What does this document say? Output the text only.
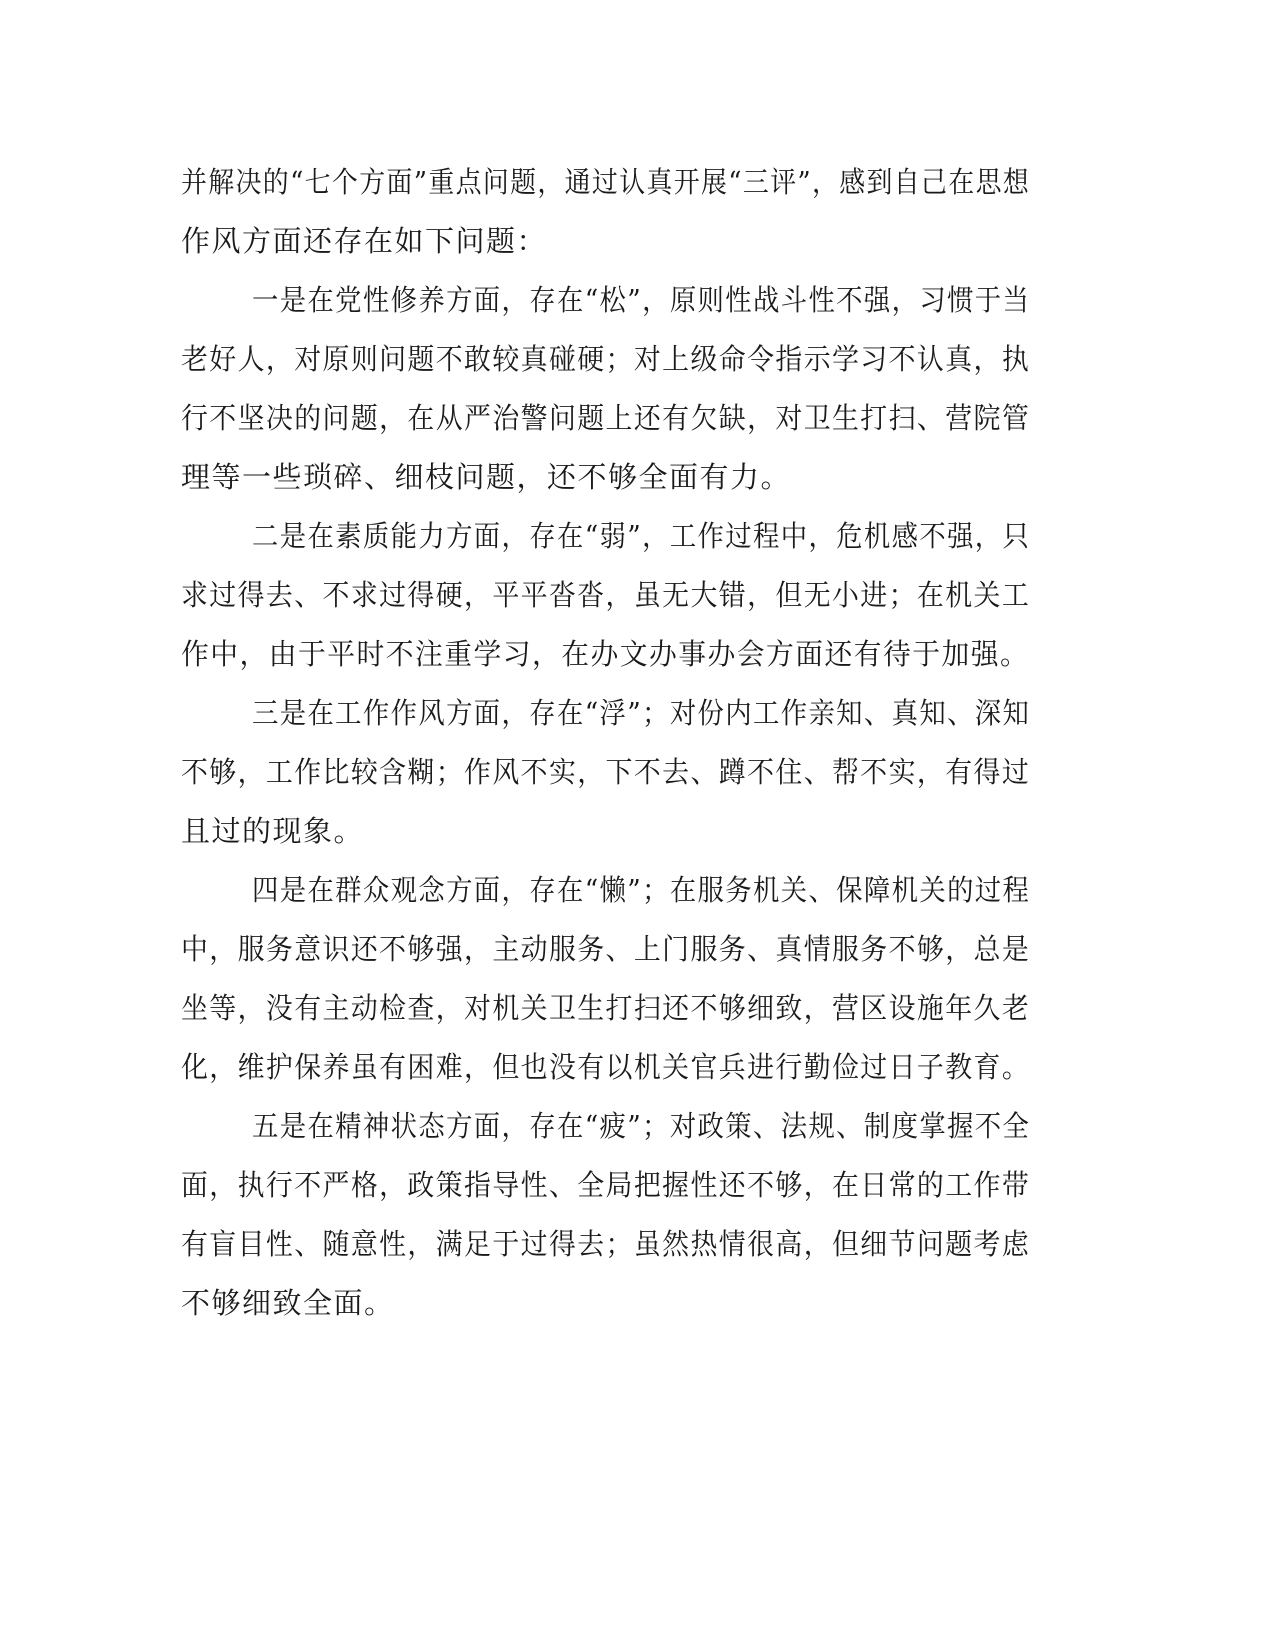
并解决的“七个方面”重点问题，通过认真开展“三评”，感到自己在思想
作风方面还存在如下问题：
一是在党性修养方面，存在“松”，原则性战斗性不强，习惯于当
老好人，对原则问题不敢较真碰硬；对上级命令指示学习不认真，执
行不坚决的问题，在从严治警问题上还有欠缺，对卫生打扫、营院管
理等一些琐碎、细枝问题，还不够全面有力。
二是在素质能力方面，存在“弱”，工作过程中，危机感不强，只
求过得去、不求过得硬，平平沓沓，虽无大错，但无小进；在机关工
作中，由于平时不注重学习，在办文办事办会方面还有待于加强。
三是在工作作风方面，存在“浮”；对份内工作亲知、真知、深知
不够，工作比较含糊；作风不实，下不去、蹲不住、帮不实，有得过
且过的现象。
四是在群众观念方面，存在“懒”；在服务机关、保障机关的过程
中，服务意识还不够强，主动服务、上门服务、真情服务不够，总是
坐等，没有主动检查，对机关卫生打扫还不够细致，营区设施年久老
化，维护保养虽有困难，但也没有以机关官兵进行勤俭过日子教育。
五是在精神状态方面，存在“疲”；对政策、法规、制度掌握不全
面，执行不严格，政策指导性、全局把握性还不够，在日常的工作带
有盲目性、随意性，满足于过得去；虽然热情很高，但细节问题考虑
不够细致全面。
